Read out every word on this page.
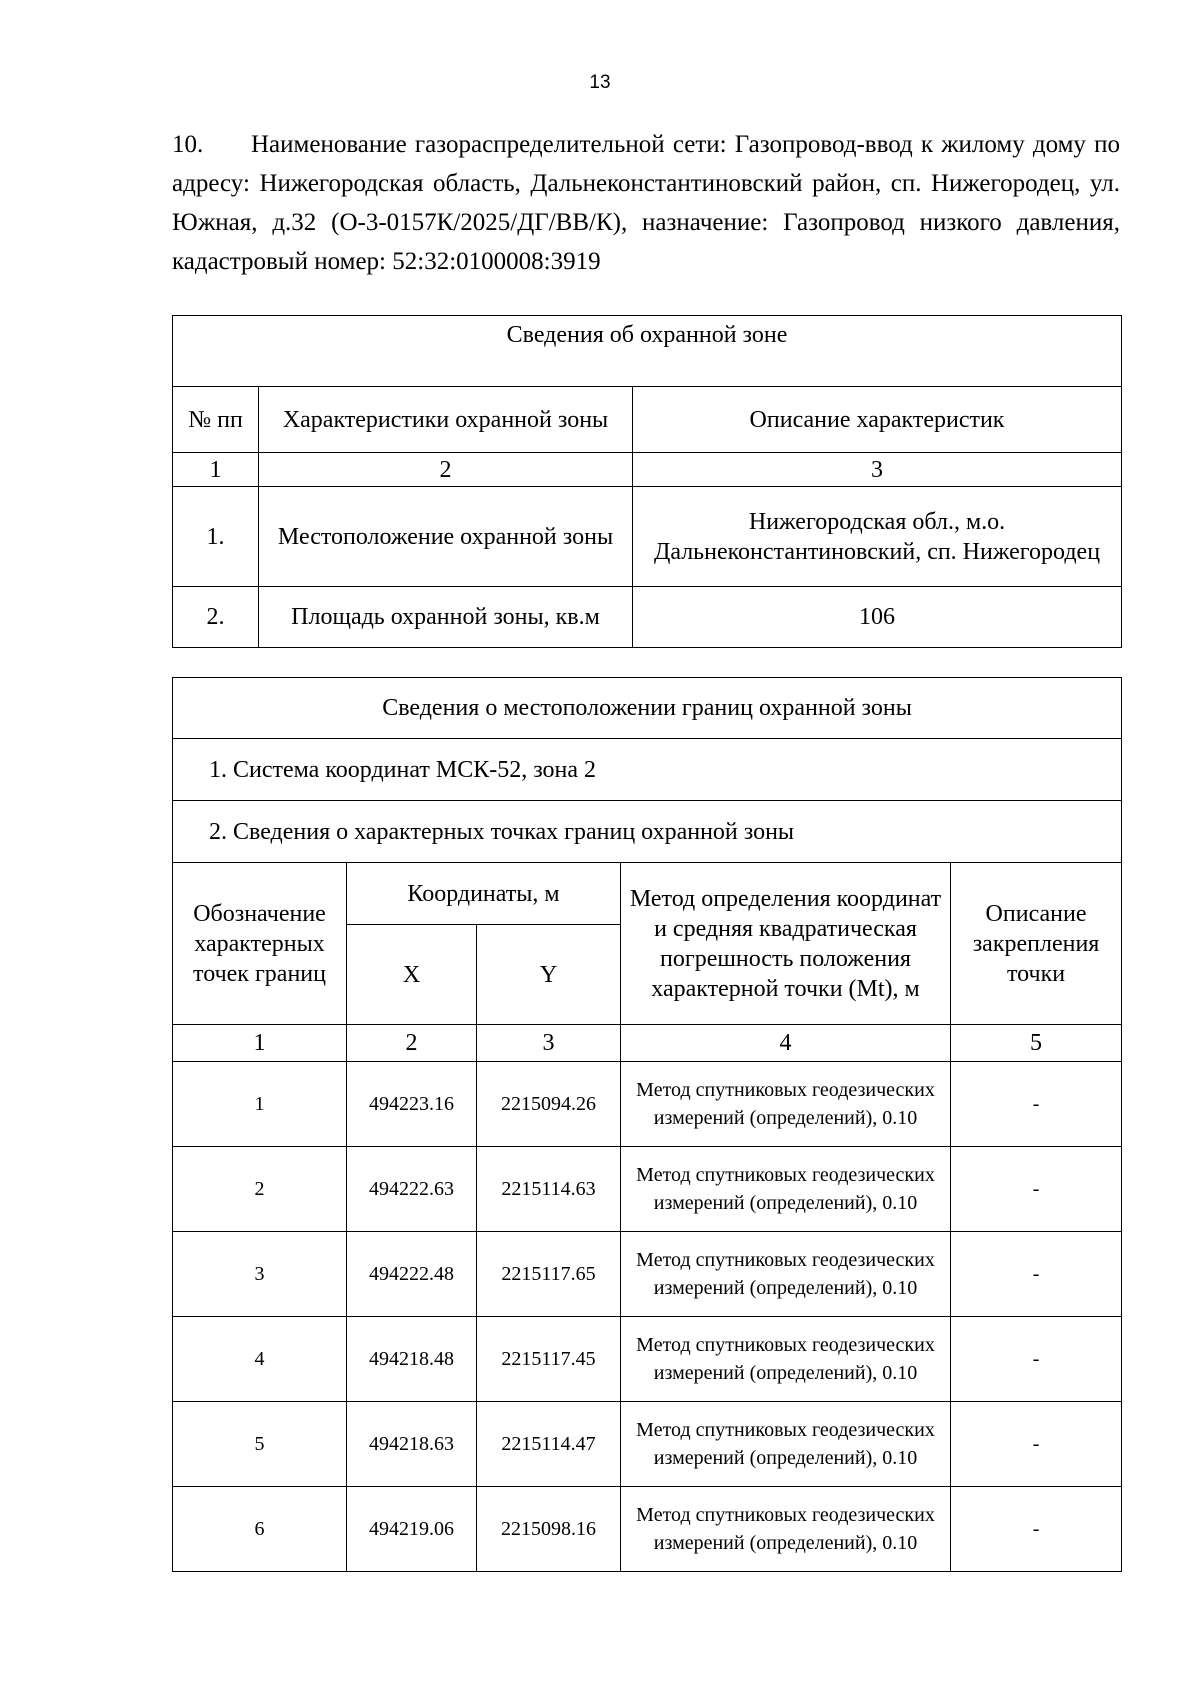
13

10. Наименование газораспределительной сети: Газопровод-ввод к жилому дому по адресу: Нижегородская область, Дальнеконстантиновский район, сп. Нижегородец, ул. Южная, д.32 (О-3-0157К/2025/ДГ/ВВ/К), назначение: Газопровод низкого давления, кадастровый номер: 52:32:0100008:3919

Сведения об охранной зоне		
№ пп	Характеристики охранной зоны	Описание характеристик
1	2	3
1.	Местоположение охранной зоны	Нижегородская обл., м.о. Дальнеконстантиновский, сп. Нижегородец
2.	Площадь охранной зоны, кв.м	106
Сведения о местоположении границ охранной зоны				
1. Система координат МСК-52, зона 2				
2. Сведения о характерных точках границ охранной зоны				
Обозначение характерных точек границ	Координаты, м		Метод определения координат и средняя квадратическая погрешность положения характерной точки (Mt), м	Описание закрепления точки
	X	Y		
1	2	3	4	5
1	494223.16	2215094.26	Метод спутниковых геодезических измерений (определений), 0.10	-
2	494222.63	2215114.63	Метод спутниковых геодезических измерений (определений), 0.10	-
3	494222.48	2215117.65	Метод спутниковых геодезических измерений (определений), 0.10	-
4	494218.48	2215117.45	Метод спутниковых геодезических измерений (определений), 0.10	-
5	494218.63	2215114.47	Метод спутниковых геодезических измерений (определений), 0.10	-
6	494219.06	2215098.16	Метод спутниковых геодезических измерений (определений), 0.10	-
